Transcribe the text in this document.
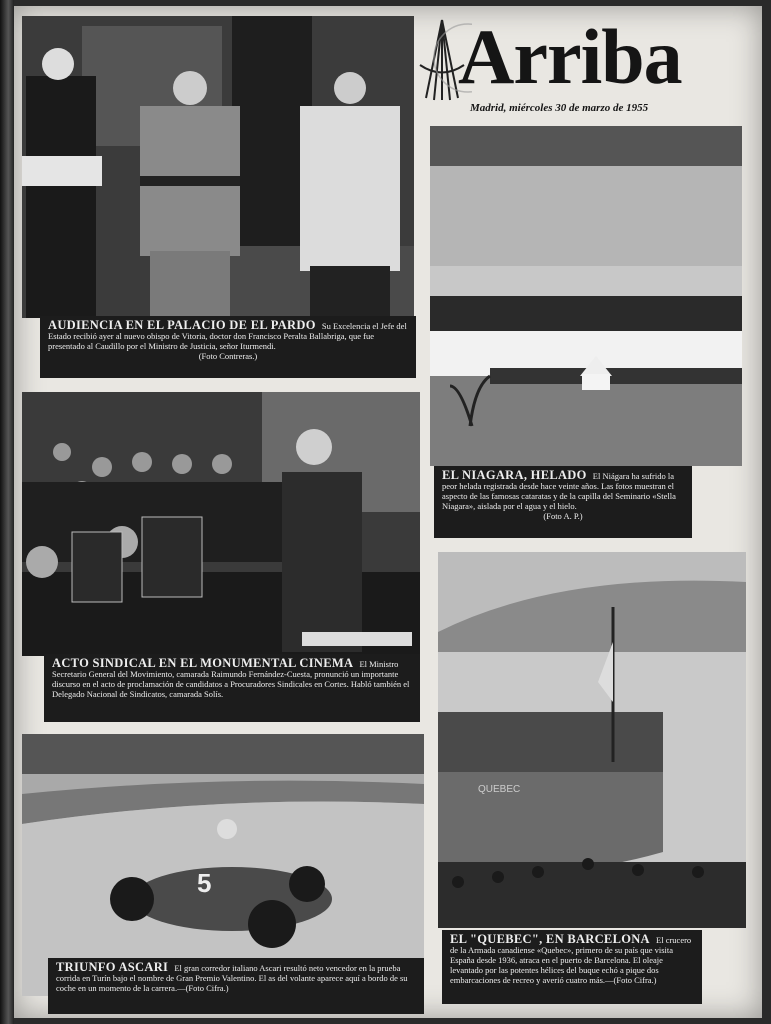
Arriba
Madrid, miércoles 30 de marzo de 1955
AUDIENCIA EN EL PALACIO DE EL PARDO Su Excelencia el Jefe del Estado recibió ayer al nuevo obispo de Vitoria, doctor don Francisco Peralta Ballabriga, que fue presentado al Caudillo por el Ministro de Justicia, señor Iturmendi.
(Foto Contreras.)
ACTO SINDICAL EN EL MONUMENTAL CINEMA El Ministro Secretario General del Movimiento, camarada Raimundo Fernández-Cuesta, pronunció un importante discurso en el acto de proclamación de candidatos a Procuradores Sindicales en Cortes. Habló también el Delegado Nacional de Sindicatos, camarada Solís.
5
TRIUNFO ASCARI El gran corredor italiano Ascari resultó neto vencedor en la prueba corrida en Turín bajo el nombre de Gran Premio Valentino. El as del volante aparece aquí a bordo de su coche en un momento de la carrera.—(Foto Cifra.)
EL NIAGARA, HELADO El Niágara ha sufrido la peor helada registrada desde hace veinte años. Las fotos muestran el aspecto de las famosas cataratas y de la capilla del Seminario «Stella Niagara», aislada por el agua y el hielo.
(Foto A. P.)
QUEBEC
EL "QUEBEC", EN BARCELONA El crucero de la Armada canadiense «Quebec», primero de su país que visita España desde 1936, atraca en el puerto de Barcelona. El oleaje levantado por las potentes hélices del buque echó a pique dos embarcaciones de recreo y averió cuatro más.—(Foto Cifra.)
